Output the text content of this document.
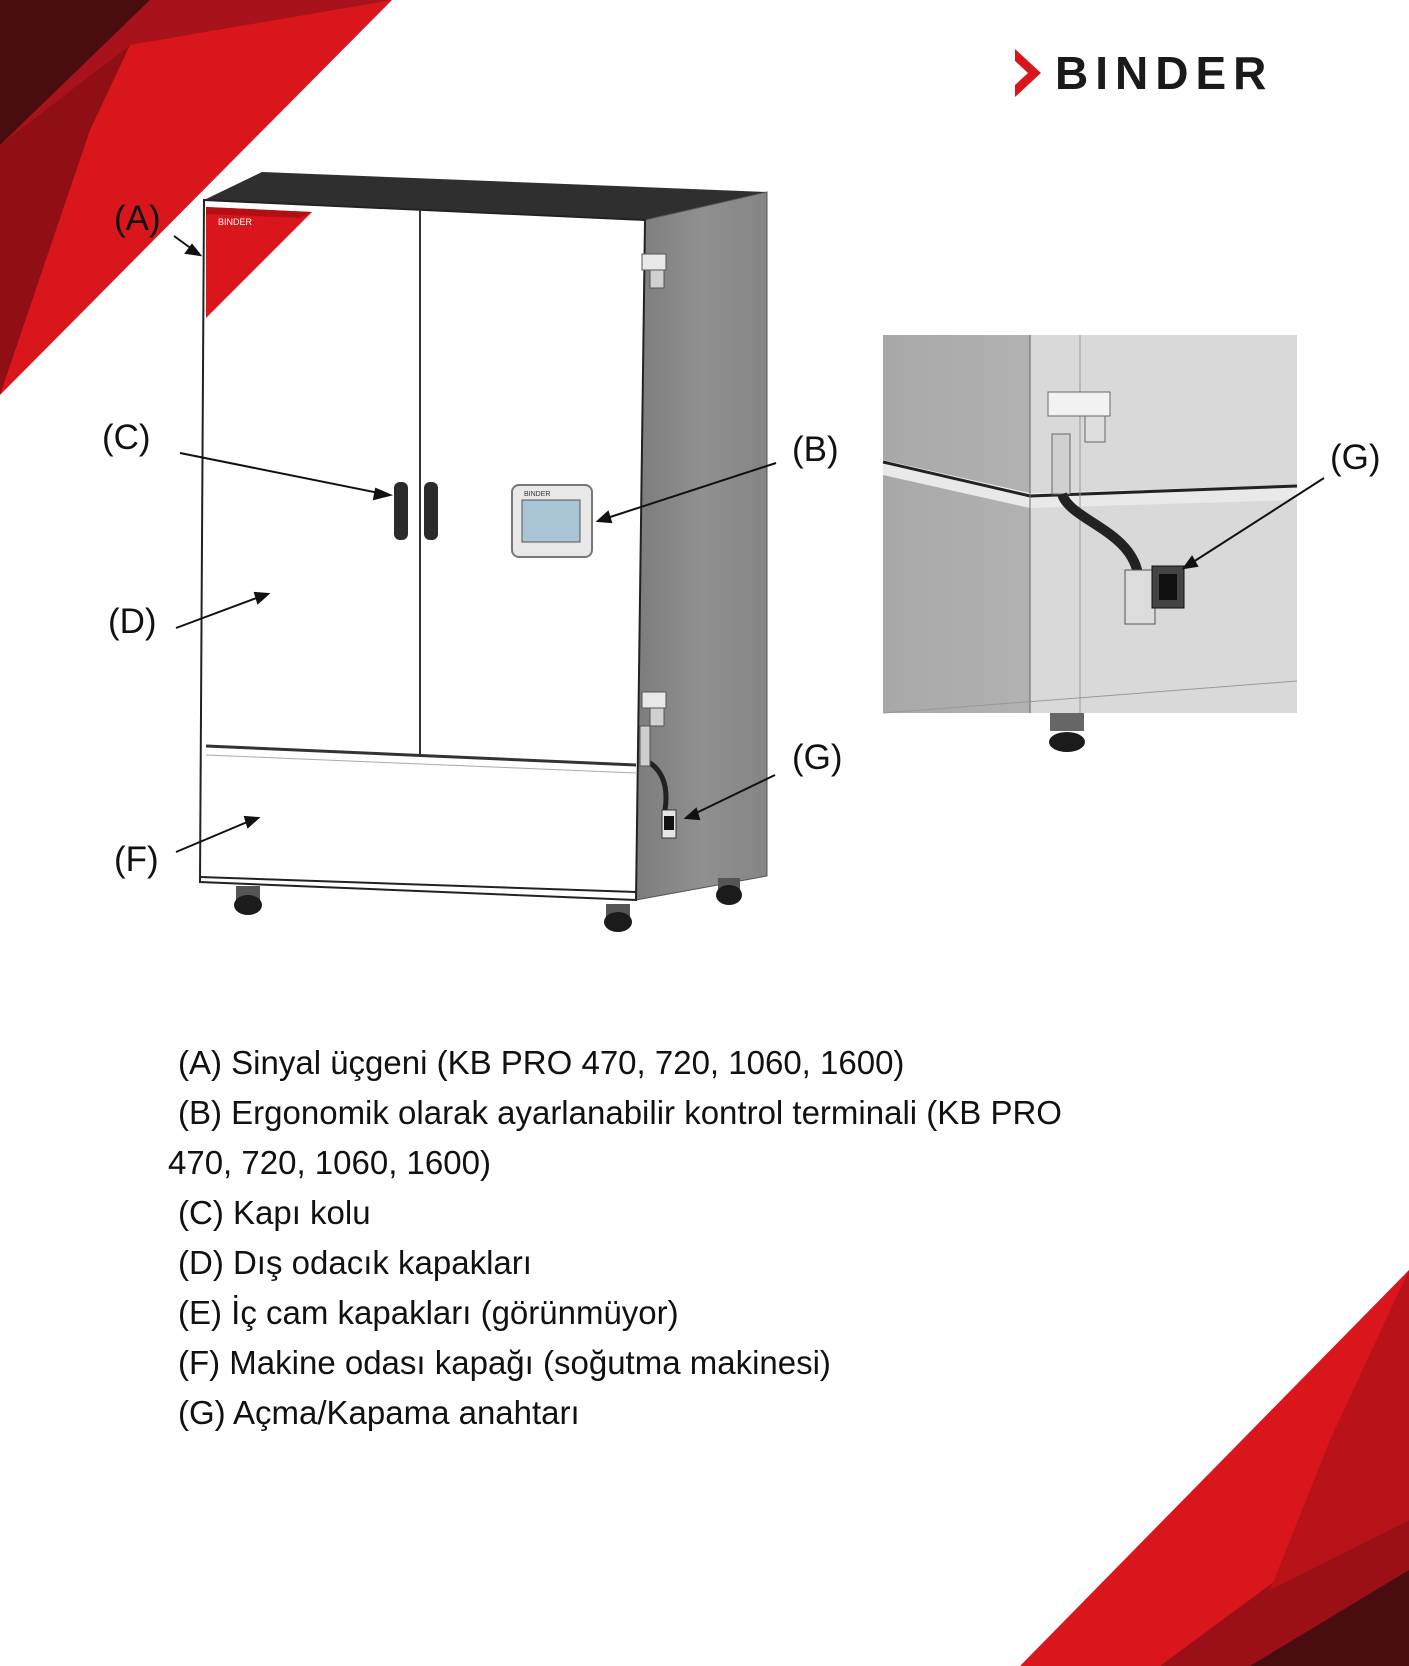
BINDER
BINDER
BINDER
(A)
(C)	(B)
(D)
(G)
(F)
(G)
(A) Sinyal üçgeni (KB PRO 470, 720, 1060, 1600)
(B) Ergonomik olarak ayarlanabilir kontrol terminali (KB PRO
470, 720, 1060, 1600)
(C) Kapı kolu
(D) Dış odacık kapakları
(E) İç cam kapakları (görünmüyor)
(F) Makine odası kapağı (soğutma makinesi)
(G) Açma/Kapama anahtarı
